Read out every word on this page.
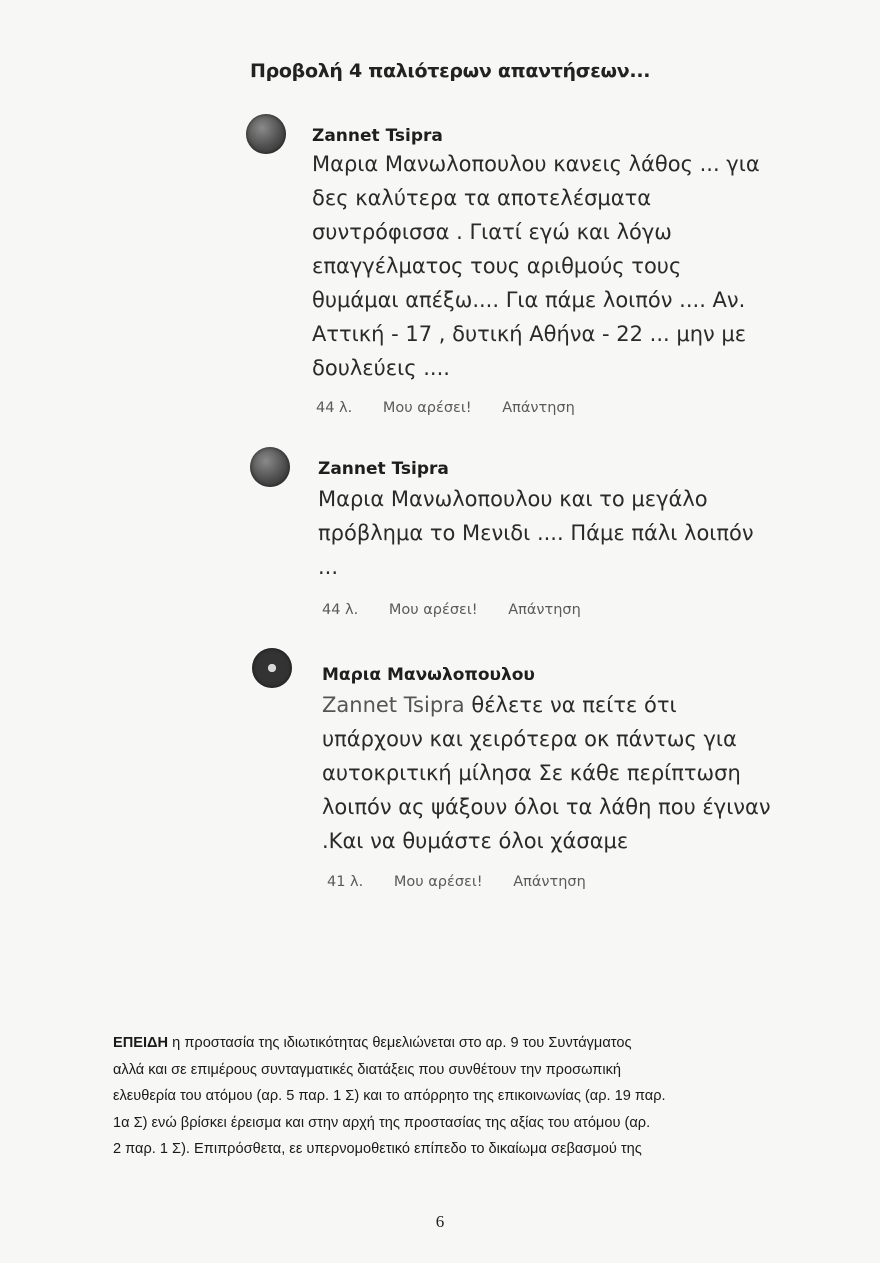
Προβολή 4 παλιότερων απαντήσεων...
Zannet Tsipra
Μαρια Μανωλοπουλου κανεις λάθος ... για
δες καλύτερα τα αποτελέσματα
συντρόφισσα . Γιατί εγώ και λόγω
επαγγέλματος τους αριθμούς τους
θυμάμαι απέξω.... Για πάμε λοιπόν .... Αν.
Αττική - 17 , δυτική Αθήνα - 22 ... μην με
δουλεύεις ....
44 λ. Μου αρέσει! Απάντηση
Zannet Tsipra
Μαρια Μανωλοπουλου και το μεγάλο
πρόβλημα το Μενιδι .... Πάμε πάλι λοιπόν
...
44 λ. Μου αρέσει! Απάντηση
Μαρια Μανωλοπουλου
Zannet Tsipra θέλετε να πείτε ότι
υπάρχουν και χειρότερα οκ πάντως για
αυτοκριτική μίλησα Σε κάθε περίπτωση
λοιπόν ας ψάξουν όλοι τα λάθη που έγιναν
.Και να θυμάστε όλοι χάσαμε
41 λ. Μου αρέσει! Απάντηση
ΕΠΕΙΔΗ η προστασία της ιδιωτικότητας θεμελιώνεται στο αρ. 9 του Συντάγματος
αλλά και σε επιμέρους συνταγματικές διατάξεις που συνθέτουν την προσωπική
ελευθερία του ατόμου (αρ. 5 παρ. 1 Σ) και το απόρρητο της επικοινωνίας (αρ. 19 παρ.
1α Σ) ενώ βρίσκει έρεισμα και στην αρχή της προστασίας της αξίας του ατόμου (αρ.
2 παρ. 1 Σ). Επιπρόσθετα, εε υπερνομοθετικό επίπεδο το δικαίωμα σεβασμού της
6
